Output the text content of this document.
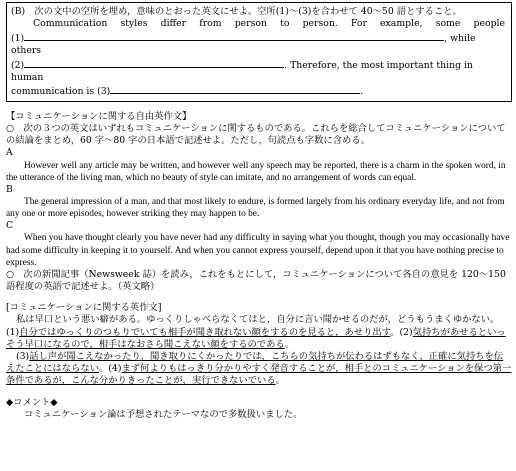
(B)　次の文中の空所を埋め，意味のとおった英文にせよ。空所(1)～(3)を合わせて 40～50 語とすること。

Communication styles differ from person to person. For example, some people

(1)	, while others

(2)	. Therefore, the most important thing in human

communication is (3)	.

【コミュニケーションに関する自由英作文】

○　次の３つの英文はいずれもコミュニケーションに関するものである。これらを総合してコミュニケーションについての結論をまとめ，60 字～80 字の日本語で記述せよ。ただし，句読点も字数に含める。

A

However well any article may be written, and however well any speech may be reported, there is a charm in the spoken word, in the utterance of the living man, which no beauty of style can imitate, and no arrangement of words can equal.

B

The general impression of a man, and that most likely to endure, is formed largely from his ordinary everyday life, and not from any one or more episodes, however striking they may happen to be.

C

When you have thought clearly you have never had any difficulty in saying what you thought, though you may occasionally have had some difficulty in keeping it to yourself. And when you cannot express yourself, depend upon it that you have nothing precise to express.

○　次の新聞記事（Newsweek 誌）を読み，これをもとにして，コミュニケーションについて各自の意見を 120～150 語程度の英語で記述せよ。（英文略）

[コミュニケーションに関する英作文]

私は早口という悪い癖がある。ゆっくりしゃべらなくてはと，自分に言い聞かせるのだが，どうもうまくゆかない。(1)自分ではゆっくりのつもりでいても相手が聞き取れない顔をするのを見ると，あせり出す。(2)気持ちがあせるといっそう早口になるので，相手はなおさら聞こえない顔をするのである。

(3)話し声が聞こえなかったり，聞き取りにくかったりでは，こちらの気持ちが伝わるはずもなく，正確に気持ちを伝えたことにはならない。(4)まず何よりもはっきり分かりやすく発音することが，相手とのコミュニケーションを保つ第一条件であるが，こんな分かりきったことが，実行できないでいる。

◆コメント◆

コミュニケーション論は予想されたテーマなので多数扱いました。
